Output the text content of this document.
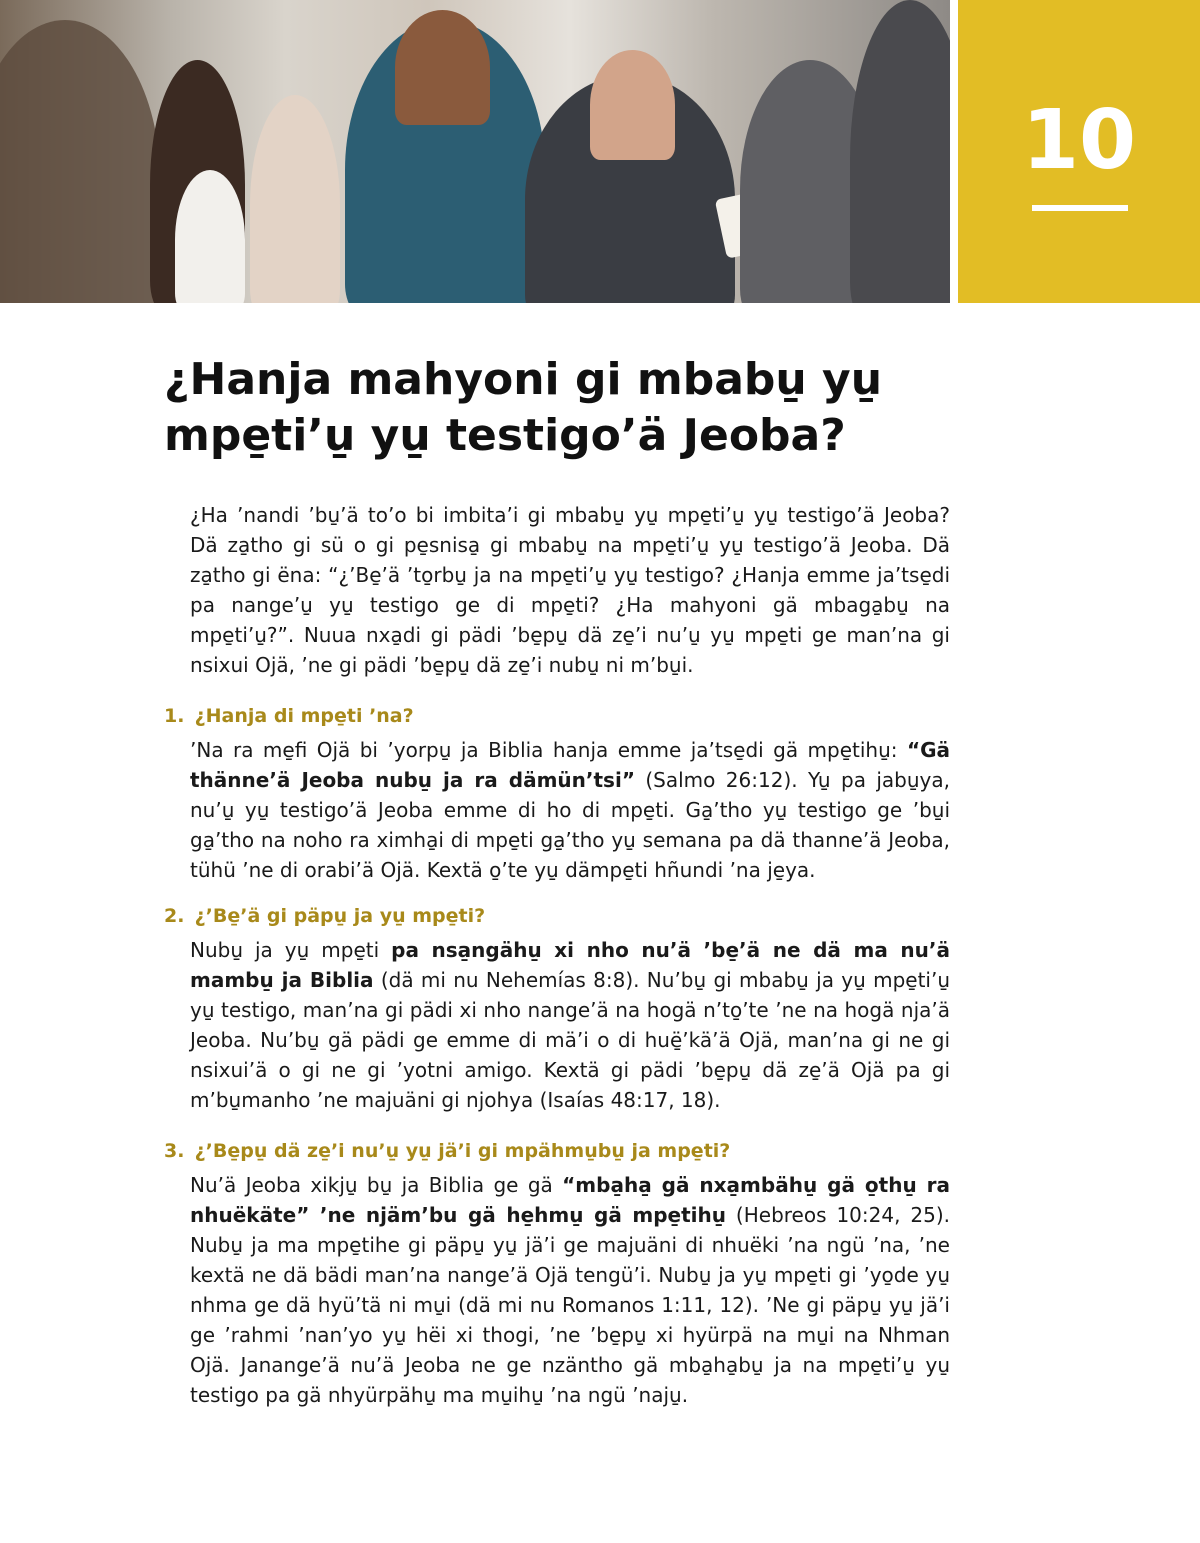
10
¿Hanja mahyoni gi mbabu̱ yu̱ mpe̱ti’u̱ yu̱ testigo’ä Jeoba?

¿Ha ’nandi ’bu̱’ä to’o bi imbita’i gi mbabu̱ yu̱ mpe̱ti’u̱ yu̱ testigo’ä Jeoba? Dä za̱tho gi sü o gi pe̱snisa̱ gi mbabu̱ na mpe̱ti’u̱ yu̱ testigo’ä Jeoba. Dä za̱tho gi ëna: “¿’Be̱’ä ’to̱rbu̱ ja na mpe̱ti’u̱ yu̱ testigo? ¿Hanja emme ja’tse̱di pa nange’u̱ yu̱ testigo ge di mpe̱ti? ¿Ha mahyoni gä mbaga̱bu̱ na mpe̱ti’u̱?”. Nuua nxa̱di gi pädi ’be̱pu̱ dä ze̱’i nu’u̱ yu̱ mpe̱ti ge man’na gi nsixui Ojä, ’ne gi pädi ’be̱pu̱ dä ze̱’i nubu̱ ni m’bu̱i.

1. ¿Hanja di mpe̱ti ’na?

’Na ra me̱fi Ojä bi ’yorpu̱ ja Biblia hanja emme ja’tse̱di gä mpe̱tihu̱: “Gä thänne’ä Jeoba nubu̱ ja ra dämün’tsi” (Salmo 26:12). Yu̱ pa jabu̱ya, nu’u̱ yu̱ testigo’ä Jeoba emme di ho di mpe̱ti. Ga̱’tho yu̱ testigo ge ’bu̱i ga̱’tho na noho ra ximha̱i di mpe̱ti ga̱’tho yu̱ semana pa dä thanne’ä Jeoba, tühü ’ne di orabi’ä Ojä. Kextä o̱’te yu̱ dämpe̱ti hñundi ’na je̱ya.

2. ¿’Be̱’ä gi päpu̱ ja yu̱ mpe̱ti?

Nubu̱ ja yu̱ mpe̱ti pa nsa̱ngähu̱ xi nho nu’ä ’be̱’ä ne dä ma nu’ä mambu̱ ja Biblia (dä mi nu Nehemías 8:8). Nu’bu̱ gi mbabu̱ ja yu̱ mpe̱ti’u̱ yu̱ testigo, man’na gi pädi xi nho nange’ä na hogä n’to̱’te ’ne na hogä nja’ä Jeoba. Nu’bu̱ gä pädi ge emme di mä’i o di huë̱’kä’ä Ojä, man’na gi ne gi nsixui’ä o gi ne gi ’yotni amigo. Kextä gi pädi ’be̱pu̱ dä ze̱’ä Ojä pa gi m’bu̱manho ’ne majuäni gi njohya (Isaías 48:17, 18).

3. ¿’Be̱pu̱ dä ze̱’i nu’u̱ yu̱ jä’i gi mpähmu̱bu̱ ja mpe̱ti?

Nu’ä Jeoba xikju̱ bu̱ ja Biblia ge gä “mba̱ha̱ gä nxa̱mbähu̱ gä o̱thu̱ ra nhuëkäte” ’ne njäm’bu gä he̱hmu̱ gä mpe̱tihu̱ (Hebreos 10:24, 25). Nubu̱ ja ma mpe̱tihe gi päpu̱ yu̱ jä’i ge majuäni di nhuëki ’na ngü ’na, ’ne kextä ne dä bädi man’na nange’ä Ojä tengü’i. Nubu̱ ja yu̱ mpe̱ti gi ’yo̱de yu̱ nhma ge dä hyü’tä ni mu̱i (dä mi nu Romanos 1:11, 12). ’Ne gi päpu̱ yu̱ jä’i ge ’rahmi ’nan’yo yu̱ hëi xi thogi, ’ne ’be̱pu̱ xi hyürpä na mu̱i na Nhman Ojä. Janange’ä nu’ä Jeoba ne ge nzäntho gä mba̱ha̱bu̱ ja na mpe̱ti’u̱ yu̱ testigo pa gä nhyürpähu̱ ma mu̱ihu̱ ’na ngü ’naju̱.
